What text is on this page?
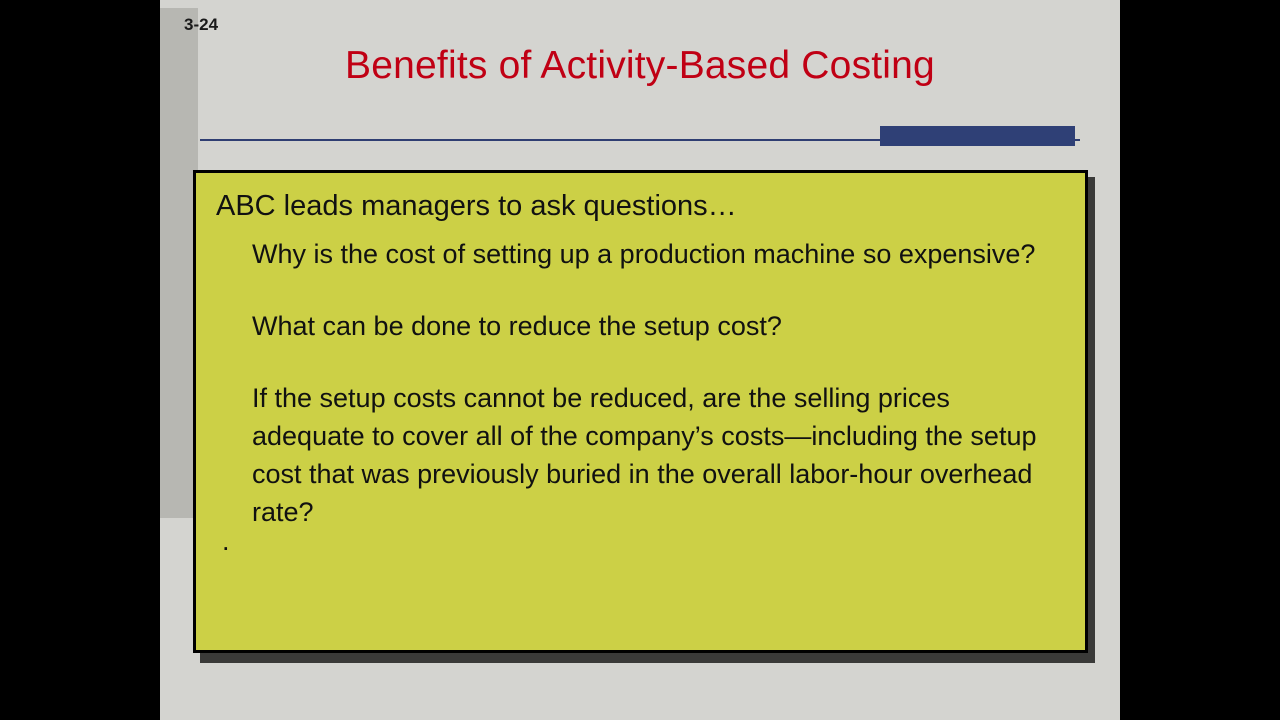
3-24
Benefits of Activity-Based Costing
ABC leads managers to ask questions…
Why is the cost of setting up a production machine so expensive?
What can be done to reduce the setup cost?
If the setup costs cannot be reduced, are the selling prices adequate to cover all of the company’s costs—including the setup cost that was previously buried in the overall labor-hour overhead rate?
.
